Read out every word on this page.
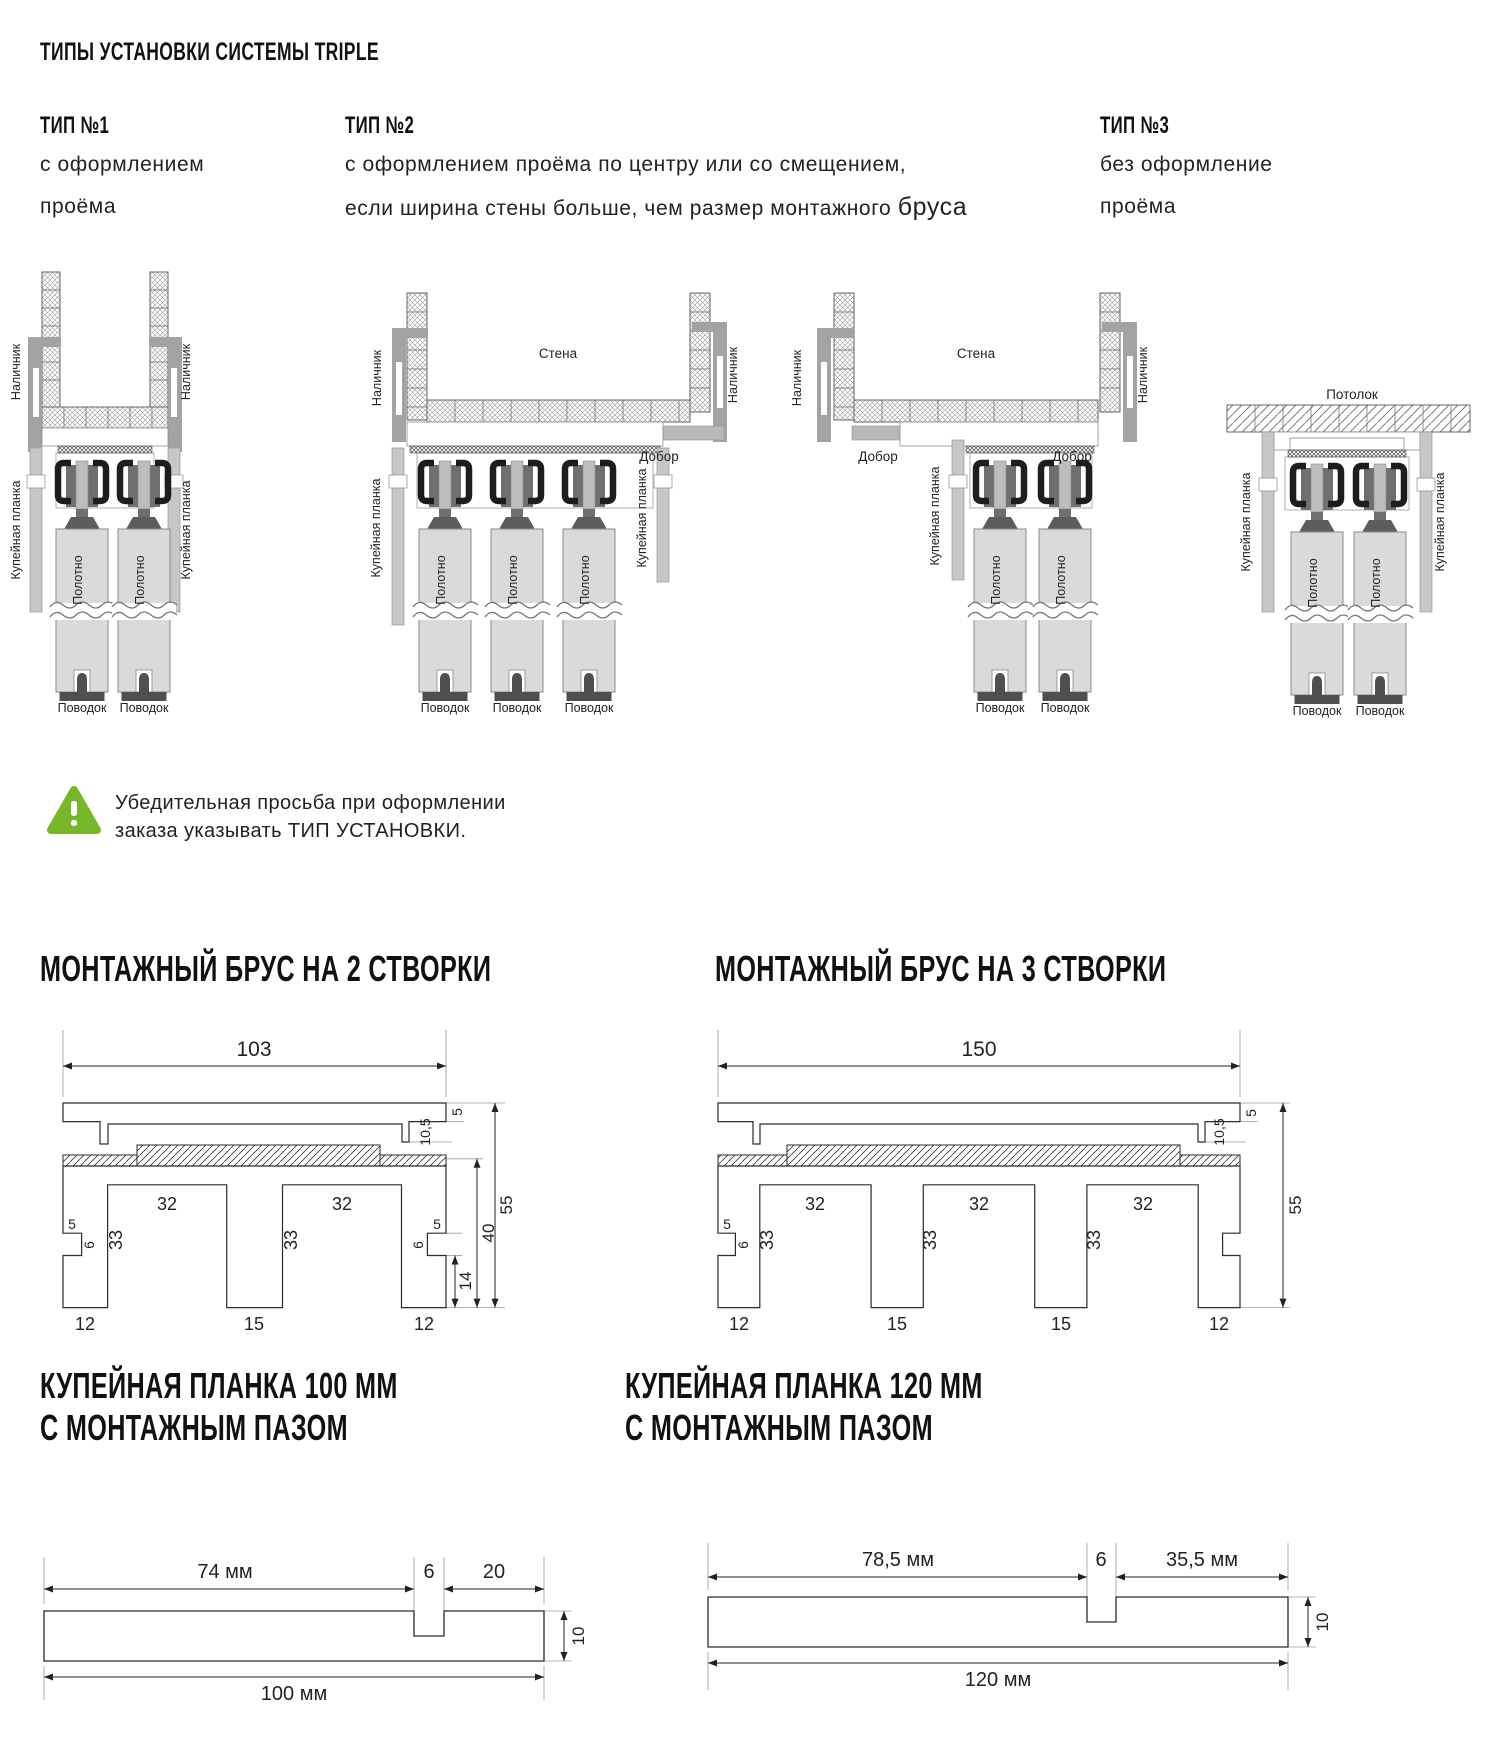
ТИПЫ УСТАНОВКИ СИСТЕМЫ TRIPLE
ТИП №1
с оформлением
проёма
ТИП №2
с оформлением проёма по центру или со смещением,
если ширина стены больше, чем размер монтажного бруса
ТИП №3
без оформление
проёма
Полотно	Полотно
Наличник	Наличник
Купейная планка	Купейная планка
Поводок Поводок
Полотно	Полотно	Полотно
Стена
Добор
Наличник	Наличник
Купейная планка	Купейная планка
Поводок Поводок Поводок
Полотно	Полотно
Стена
Добор	Добор
Наличник	Наличник
Купейная планка
Поводок Поводок
Потолок
Полотно	Полотно
Купейная планка	Купейная планка
Поводок Поводок
Убедительная просьба при оформлении
заказа указывать ТИП УСТАНОВКИ.
МОНТАЖНЫЙ БРУС НА 2 СТВОРКИ	МОНТАЖНЫЙ БРУС НА 3 СТВОРКИ
103
32	32
33	33
5
6
5
6
12	15	12
5
10,5
14
40
55
150
32	32	32
33	33	33
5
6
12	15	15	12
5
10,5
55
КУПЕЙНАЯ ПЛАНКА 100 ММ
С МОНТАЖНЫМ ПАЗОМ
КУПЕЙНАЯ ПЛАНКА 120 ММ
С МОНТАЖНЫМ ПАЗОМ
74 мм	6 20
10
100 мм
78,5 мм	6	35,5 мм
10
120 мм
